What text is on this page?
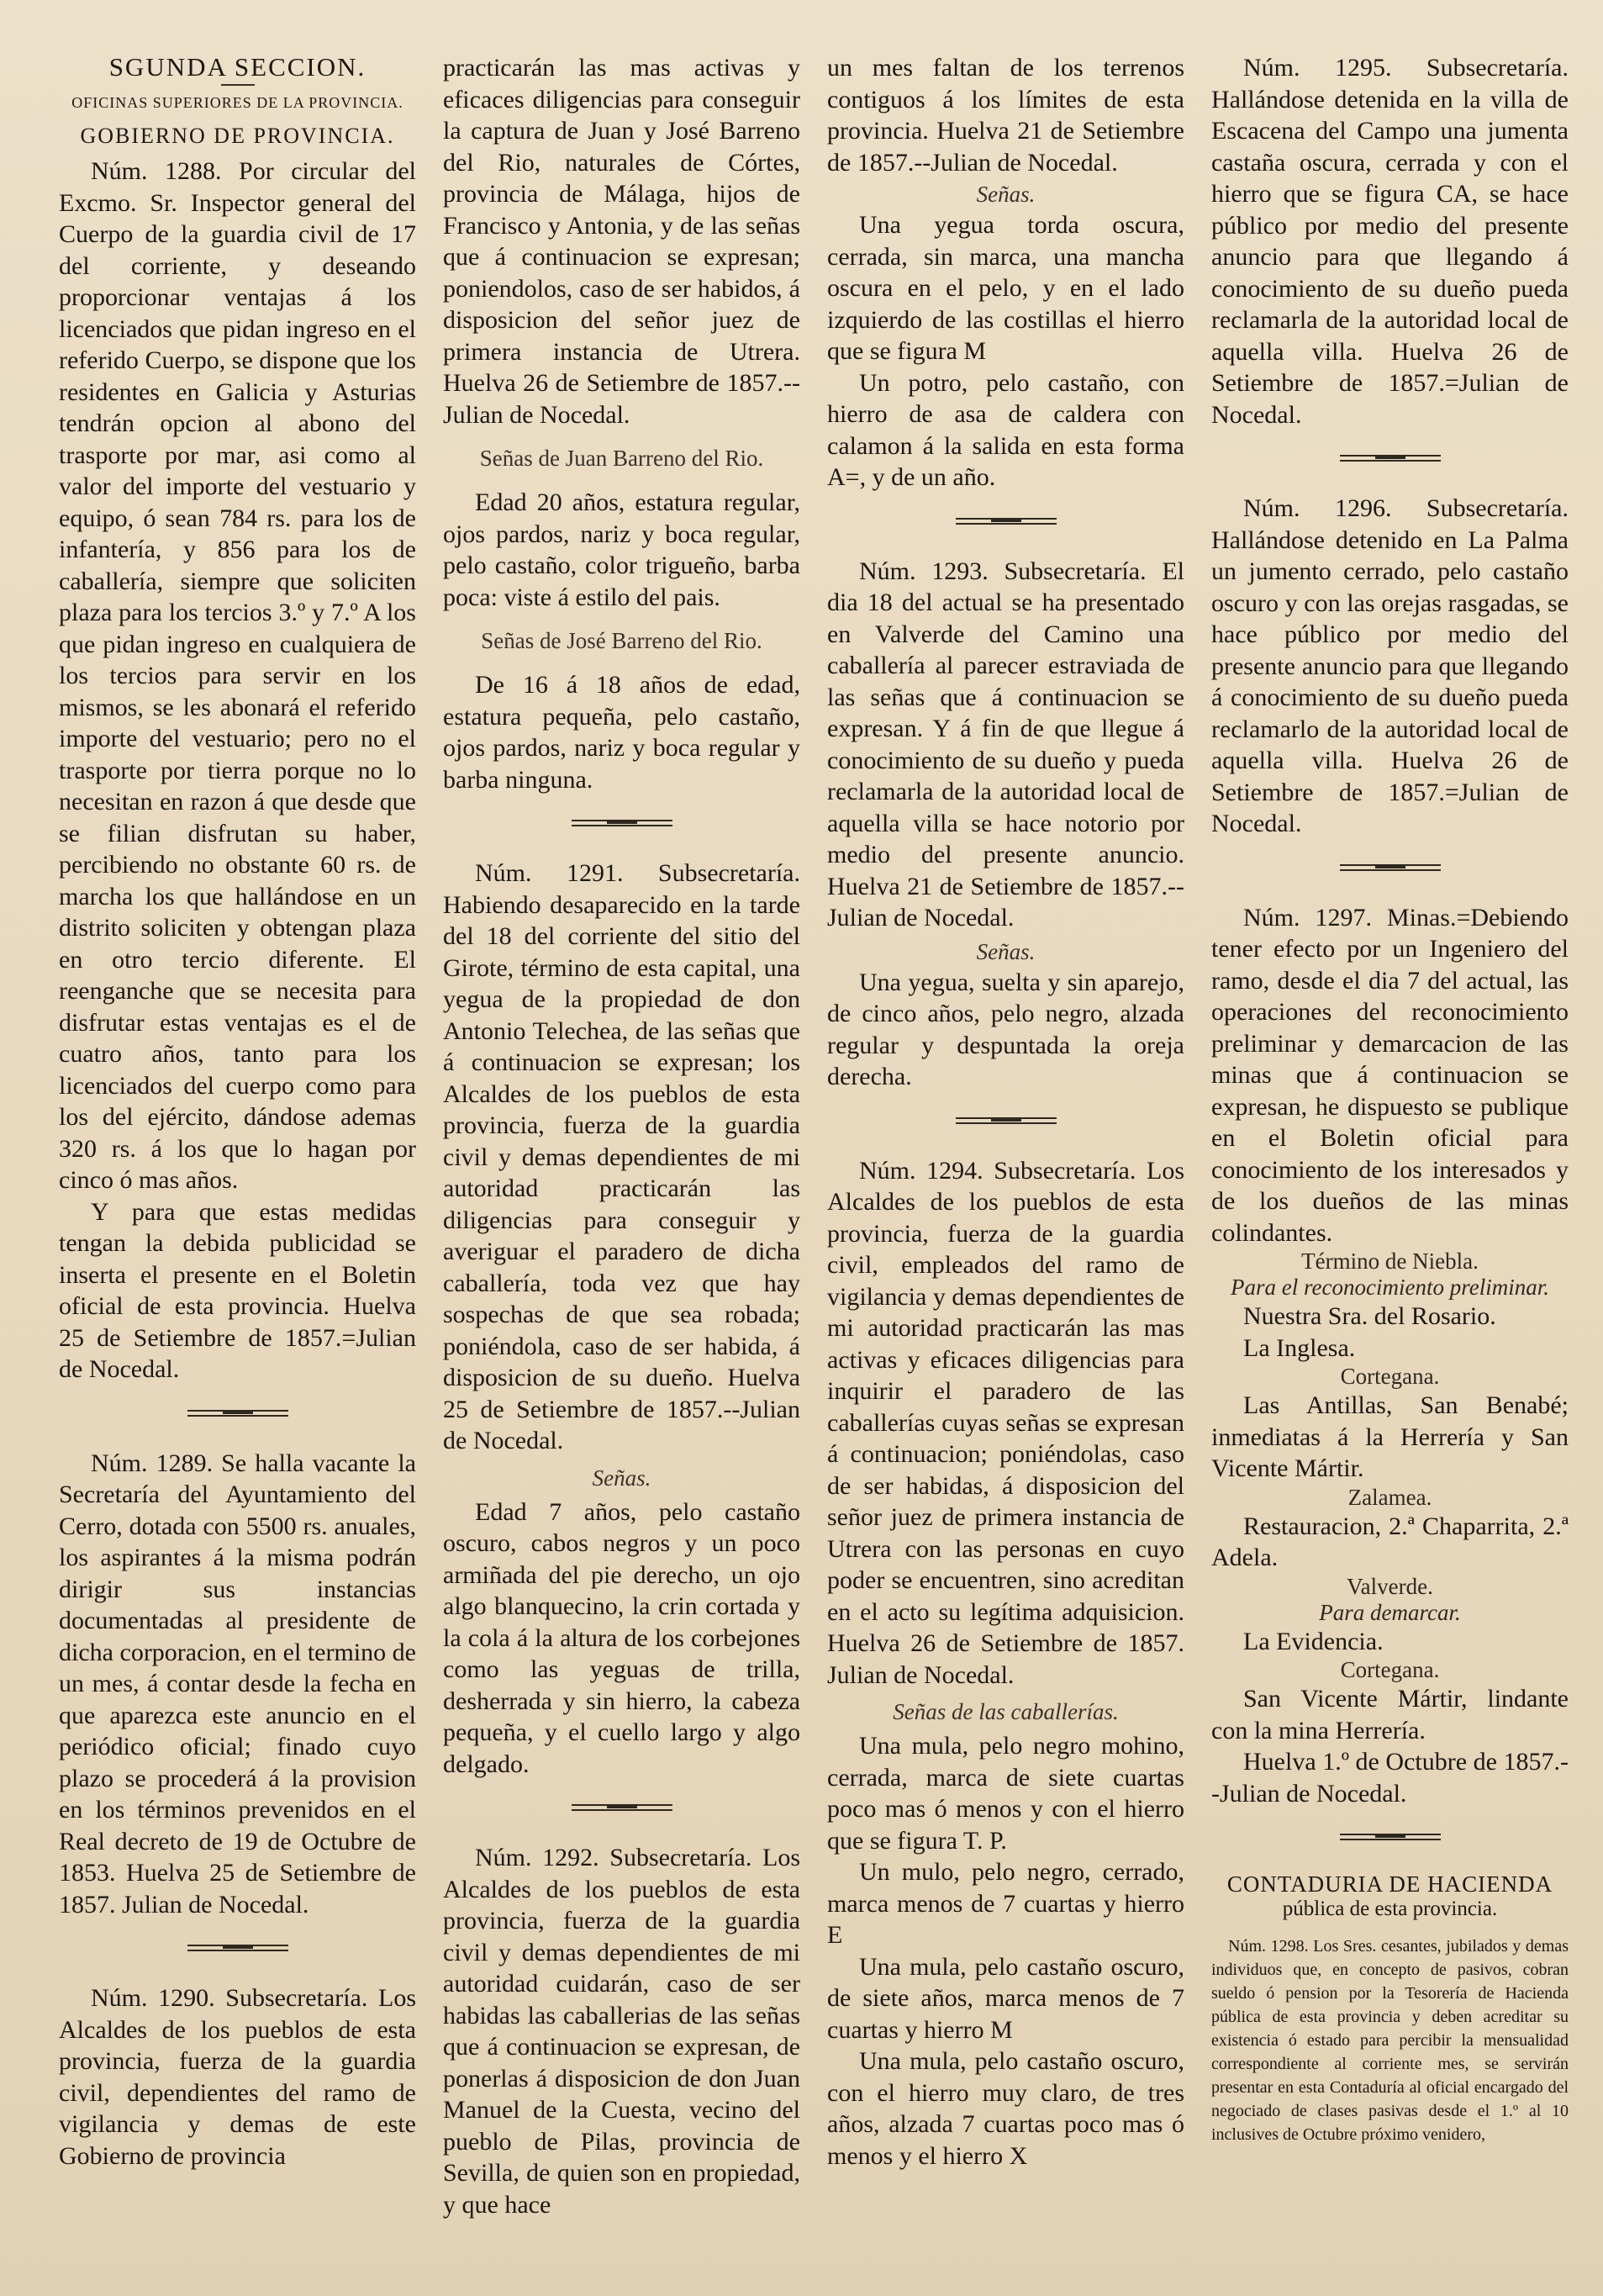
SGUNDA SECCION.
OFICINAS SUPERIORES DE LA PROVINCIA.
GOBIERNO DE PROVINCIA.

Núm. 1288. Por circular del Excmo. Sr. Inspector general del Cuerpo de la guardia civil de 17 del corriente, y deseando proporcionar ventajas á los licenciados que pidan ingreso en el referido Cuerpo, se dispone que los residentes en Galicia y Asturias tendrán opcion al abono del trasporte por mar, asi como al valor del importe del vestuario y equipo, ó sean 784 rs. para los de infantería, y 856 para los de caballería, siempre que soliciten plaza para los tercios 3.º y 7.º A los que pidan ingreso en cualquiera de los tercios para servir en los mismos, se les abonará el referido importe del vestuario; pero no el trasporte por tierra porque no lo necesitan en razon á que desde que se filian disfrutan su haber, percibiendo no obstante 60 rs. de marcha los que hallándose en un distrito soliciten y obtengan plaza en otro tercio diferente. El reenganche que se necesita para disfrutar estas ventajas es el de cuatro años, tanto para los licenciados del cuerpo como para los del ejército, dándose ademas 320 rs. á los que lo hagan por cinco ó mas años.

Y para que estas medidas tengan la debida publicidad se inserta el presente en el Boletin oficial de esta provincia. Huelva 25 de Setiembre de 1857.=Julian de Nocedal.

Núm. 1289. Se halla vacante la Secretaría del Ayuntamiento del Cerro, dotada con 5500 rs. anuales, los aspirantes á la misma podrán dirigir sus instancias documentadas al presidente de dicha corporacion, en el termino de un mes, á contar desde la fecha en que aparezca este anuncio en el periódico oficial; finado cuyo plazo se procederá á la provision en los términos prevenidos en el Real decreto de 19 de Octubre de 1853. Huelva 25 de Setiembre de 1857. Julian de Nocedal.

Núm. 1290. Subsecretaría. Los Alcaldes de los pueblos de esta provincia, fuerza de la guardia civil, dependientes del ramo de vigilancia y demas de este Gobierno de provincia

practicarán las mas activas y eficaces diligencias para conseguir la captura de Juan y José Barreno del Rio, naturales de Córtes, provincia de Málaga, hijos de Francisco y Antonia, y de las señas que á continuacion se expresan; poniendolos, caso de ser habidos, á disposicion del señor juez de primera instancia de Utrera. Huelva 26 de Setiembre de 1857.--Julian de Nocedal.

Señas de Juan Barreno del Rio.

Edad 20 años, estatura regular, ojos pardos, nariz y boca regular, pelo castaño, color trigueño, barba poca: viste á estilo del pais.

Señas de José Barreno del Rio.

De 16 á 18 años de edad, estatura pequeña, pelo castaño, ojos pardos, nariz y boca regular y barba ninguna.

Núm. 1291. Subsecretaría. Habiendo desaparecido en la tarde del 18 del corriente del sitio del Girote, término de esta capital, una yegua de la propiedad de don Antonio Telechea, de las señas que á continuacion se expresan; los Alcaldes de los pueblos de esta provincia, fuerza de la guardia civil y demas dependientes de mi autoridad practicarán las diligencias para conseguir y averiguar el paradero de dicha caballería, toda vez que hay sospechas de que sea robada; poniéndola, caso de ser habida, á disposicion de su dueño. Huelva 25 de Setiembre de 1857.--Julian de Nocedal.

Señas.

Edad 7 años, pelo castaño oscuro, cabos negros y un poco armiñada del pie derecho, un ojo algo blanquecino, la crin cortada y la cola á la altura de los corbejones como las yeguas de trilla, desherrada y sin hierro, la cabeza pequeña, y el cuello largo y algo delgado.

Núm. 1292. Subsecretaría. Los Alcaldes de los pueblos de esta provincia, fuerza de la guardia civil y demas dependientes de mi autoridad cuidarán, caso de ser habidas las caballerias de las señas que á continuacion se expresan, de ponerlas á disposicion de don Juan Manuel de la Cuesta, vecino del pueblo de Pilas, provincia de Sevilla, de quien son en propiedad, y que hace

un mes faltan de los terrenos contiguos á los límites de esta provincia. Huelva 21 de Setiembre de 1857.--Julian de Nocedal.

Señas.

Una yegua torda oscura, cerrada, sin marca, una mancha oscura en el pelo, y en el lado izquierdo de las costillas el hierro que se figura M

Un potro, pelo castaño, con hierro de asa de caldera con calamon á la salida en esta forma A=, y de un año.

Núm. 1293. Subsecretaría. El dia 18 del actual se ha presentado en Valverde del Camino una caballería al parecer estraviada de las señas que á continuacion se expresan. Y á fin de que llegue á conocimiento de su dueño y pueda reclamarla de la autoridad local de aquella villa se hace notorio por medio del presente anuncio. Huelva 21 de Setiembre de 1857.--Julian de Nocedal.

Señas.

Una yegua, suelta y sin aparejo, de cinco años, pelo negro, alzada regular y despuntada la oreja derecha.

Núm. 1294. Subsecretaría. Los Alcaldes de los pueblos de esta provincia, fuerza de la guardia civil, empleados del ramo de vigilancia y demas dependientes de mi autoridad practicarán las mas activas y eficaces diligencias para inquirir el paradero de las caballerías cuyas señas se expresan á continuacion; poniéndolas, caso de ser habidas, á disposicion del señor juez de primera instancia de Utrera con las personas en cuyo poder se encuentren, sino acreditan en el acto su legítima adquisicion. Huelva 26 de Setiembre de 1857. Julian de Nocedal.

Señas de las caballerías.

Una mula, pelo negro mohino, cerrada, marca de siete cuartas poco mas ó menos y con el hierro que se figura T. P.

Un mulo, pelo negro, cerrado, marca menos de 7 cuartas y hierro E

Una mula, pelo castaño oscuro, de siete años, marca menos de 7 cuartas y hierro M

Una mula, pelo castaño oscuro, con el hierro muy claro, de tres años, alzada 7 cuartas poco mas ó menos y el hierro X

Núm. 1295. Subsecretaría. Hallándose detenida en la villa de Escacena del Campo una jumenta castaña oscura, cerrada y con el hierro que se figura CA, se hace público por medio del presente anuncio para que llegando á conocimiento de su dueño pueda reclamarla de la autoridad local de aquella villa. Huelva 26 de Setiembre de 1857.=Julian de Nocedal.

Núm. 1296. Subsecretaría. Hallándose detenido en La Palma un jumento cerrado, pelo castaño oscuro y con las orejas rasgadas, se hace público por medio del presente anuncio para que llegando á conocimiento de su dueño pueda reclamarlo de la autoridad local de aquella villa. Huelva 26 de Setiembre de 1857.=Julian de Nocedal.

Núm. 1297. Minas.=Debiendo tener efecto por un Ingeniero del ramo, desde el dia 7 del actual, las operaciones del reconocimiento preliminar y demarcacion de las minas que á continuacion se expresan, he dispuesto se publique en el Boletin oficial para conocimiento de los interesados y de los dueños de las minas colindantes.

Término de Niebla.
Para el reconocimiento preliminar.

Nuestra Sra. del Rosario.

La Inglesa.

Cortegana.

Las Antillas, San Benabé; inmediatas á la Herrería y San Vicente Mártir.

Zalamea.

Restauracion, 2.ª Chaparrita, 2.ª Adela.

Valverde.
Para demarcar.

La Evidencia.

Cortegana.

San Vicente Mártir, lindante con la mina Herrería.

Huelva 1.º de Octubre de 1857.--Julian de Nocedal.

CONTADURIA DE HACIENDA
pública de esta provincia.

Núm. 1298. Los Sres. cesantes, jubilados y demas individuos que, en concepto de pasivos, cobran sueldo ó pension por la Tesorería de Hacienda pública de esta provincia y deben acreditar su existencia ó estado para percibir la mensualidad correspondiente al corriente mes, se servirán presentar en esta Contaduría al oficial encargado del negociado de clases pasivas desde el 1.º al 10 inclusives de Octubre próximo venidero,
